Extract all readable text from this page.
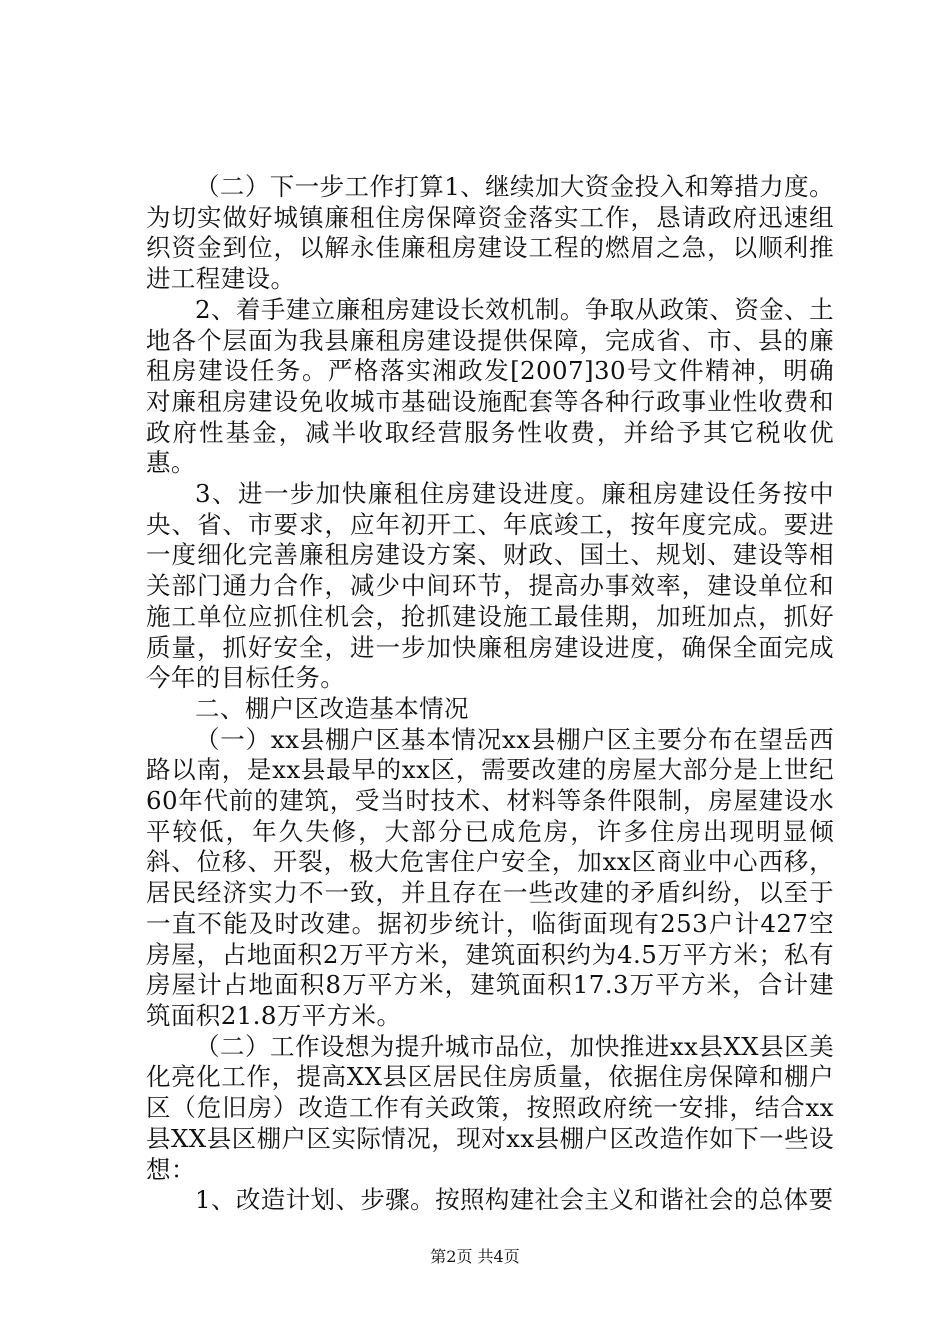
（二）下一步工作打算1、继续加大资金投入和筹措力度。为切实做好城镇廉租住房保障资金落实工作，恳请政府迅速组织资金到位，以解永佳廉租房建设工程的燃眉之急，以顺利推进工程建设。

2、着手建立廉租房建设长效机制。争取从政策、资金、土地各个层面为我县廉租房建设提供保障，完成省、市、县的廉租房建设任务。严格落实湘政发[2007]30号文件精神，明确对廉租房建设免收城市基础设施配套等各种行政事业性收费和政府性基金，减半收取经营服务性收费，并给予其它税收优惠。

3、进一步加快廉租住房建设进度。廉租房建设任务按中央、省、市要求，应年初开工、年底竣工，按年度完成。要进一度细化完善廉租房建设方案、财政、国土、规划、建设等相关部门通力合作，减少中间环节，提高办事效率，建设单位和施工单位应抓住机会，抢抓建设施工最佳期，加班加点，抓好质量，抓好安全，进一步加快廉租房建设进度，确保全面完成今年的目标任务。

二、棚户区改造基本情况

（一）xx县棚户区基本情况xx县棚户区主要分布在望岳西路以南，是xx县最早的xx区，需要改建的房屋大部分是上世纪60年代前的建筑，受当时技术、材料等条件限制，房屋建设水平较低，年久失修，大部分已成危房，许多住房出现明显倾斜、位移、开裂，极大危害住户安全，加xx区商业中心西移，居民经济实力不一致，并且存在一些改建的矛盾纠纷，以至于一直不能及时改建。据初步统计，临街面现有253户计427空房屋，占地面积2万平方米，建筑面积约为4.5万平方米；私有房屋计占地面积8万平方米，建筑面积17.3万平方米，合计建筑面积21.8万平方米。

（二）工作设想为提升城市品位，加快推进xx县XX县区美化亮化工作，提高XX县区居民住房质量，依据住房保障和棚户区（危旧房）改造工作有关政策，按照政府统一安排，结合xx县XX县区棚户区实际情况，现对xx县棚户区改造作如下一些设想：

1、改造计划、步骤。按照构建社会主义和谐社会的总体要

第2页 共4页
